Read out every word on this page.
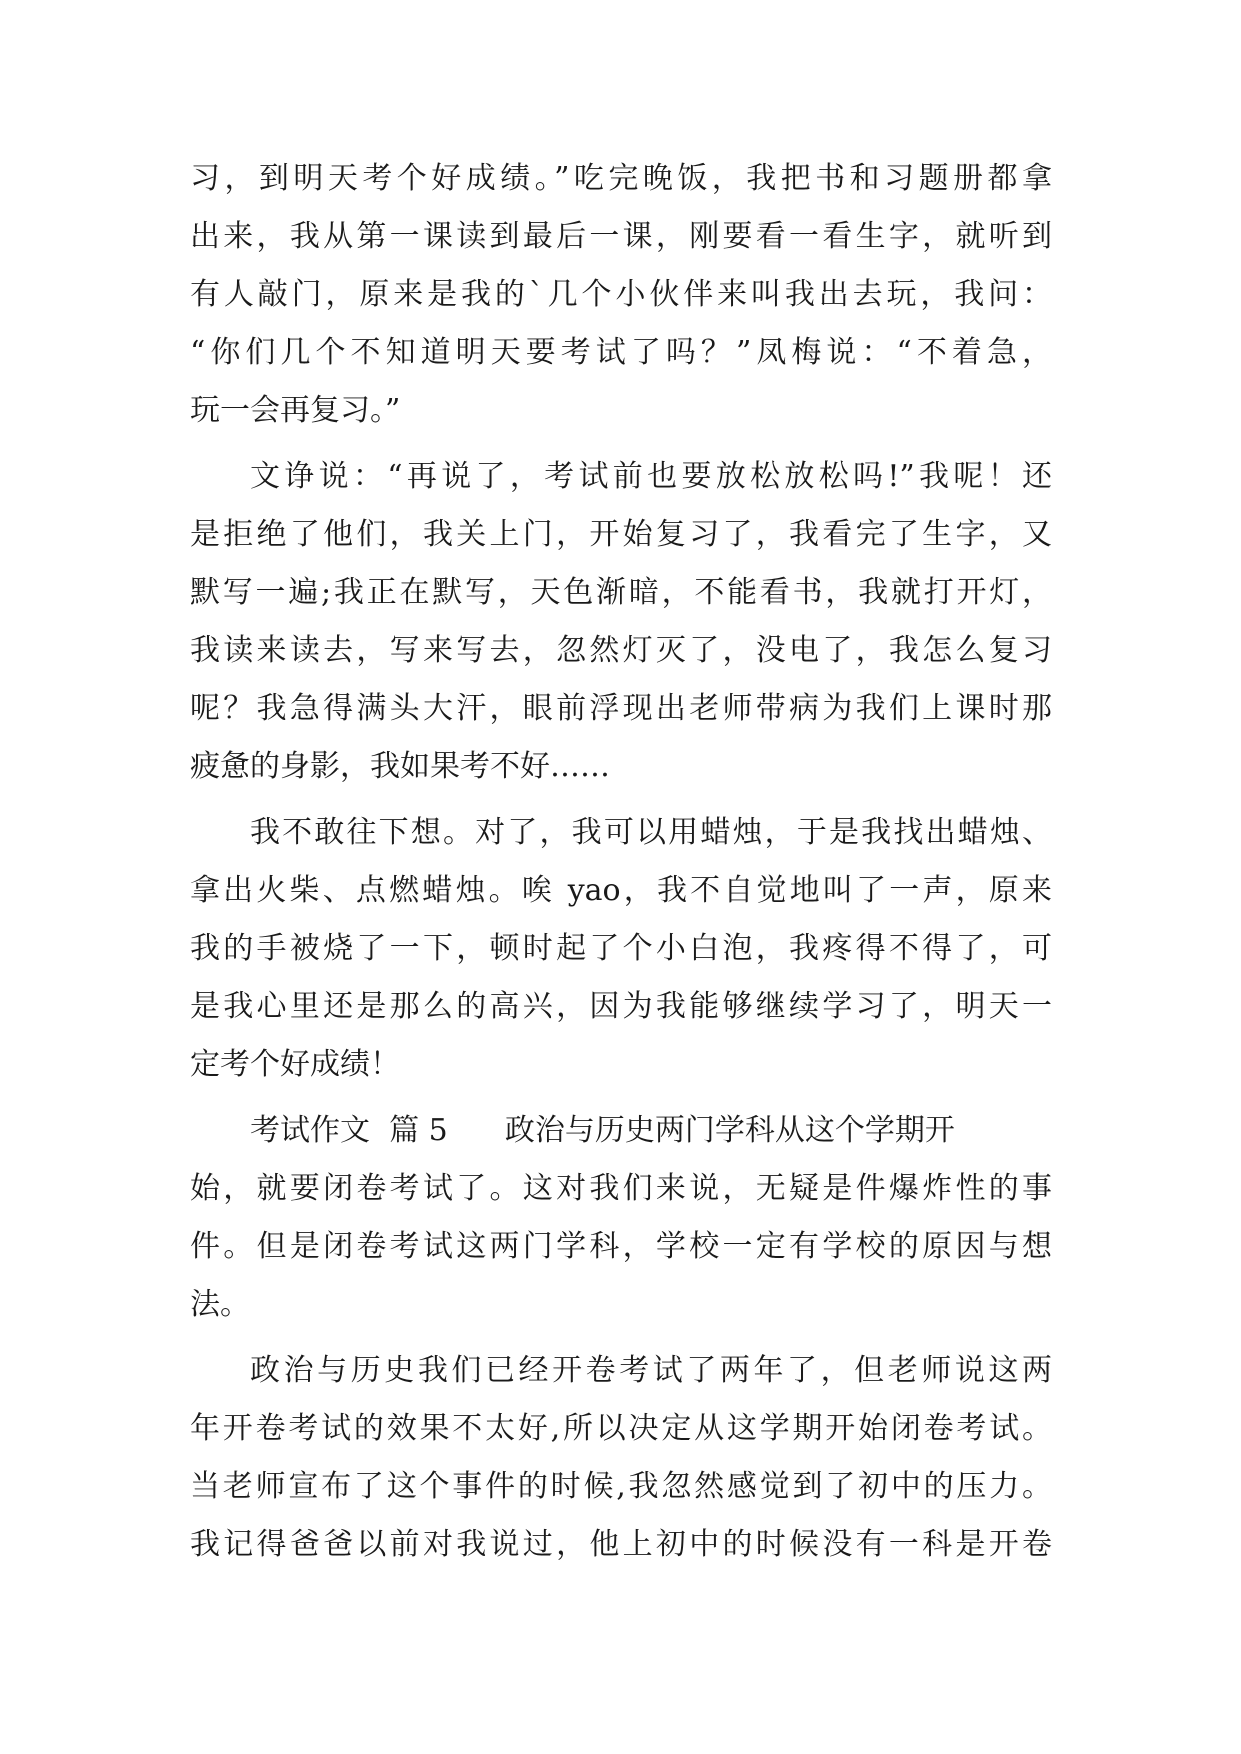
习，到明天考个好成绩。”吃完晚饭，我把书和习题册都拿
出来，我从第一课读到最后一课，刚要看一看生字，就听到
有人敲门，原来是我的`几个小伙伴来叫我出去玩，我问：
“你们几个不知道明天要考试了吗？”凤梅说：“不着急，
玩一会再复习。”
文诤说：“再说了，考试前也要放松放松吗!”我呢！还
是拒绝了他们，我关上门，开始复习了，我看完了生字，又
默写一遍;我正在默写，天色渐暗，不能看书，我就打开灯，
我读来读去，写来写去，忽然灯灭了，没电了，我怎么复习
呢？我急得满头大汗，眼前浮现出老师带病为我们上课时那
疲惫的身影，我如果考不好……
我不敢往下想。对了，我可以用蜡烛，于是我找出蜡烛、
拿出火柴、点燃蜡烛。唉 yao，我不自觉地叫了一声，原来
我的手被烧了一下，顿时起了个小白泡，我疼得不得了，可
是我心里还是那么的高兴，因为我能够继续学习了，明天一
定考个好成绩！
考试作文  篇 5      政治与历史两门学科从这个学期开
始，就要闭卷考试了。这对我们来说，无疑是件爆炸性的事
件。但是闭卷考试这两门学科，学校一定有学校的原因与想
法。
政治与历史我们已经开卷考试了两年了，但老师说这两
年开卷考试的效果不太好,所以决定从这学期开始闭卷考试。
当老师宣布了这个事件的时候,我忽然感觉到了初中的压力。
我记得爸爸以前对我说过，他上初中的时候没有一科是开卷
